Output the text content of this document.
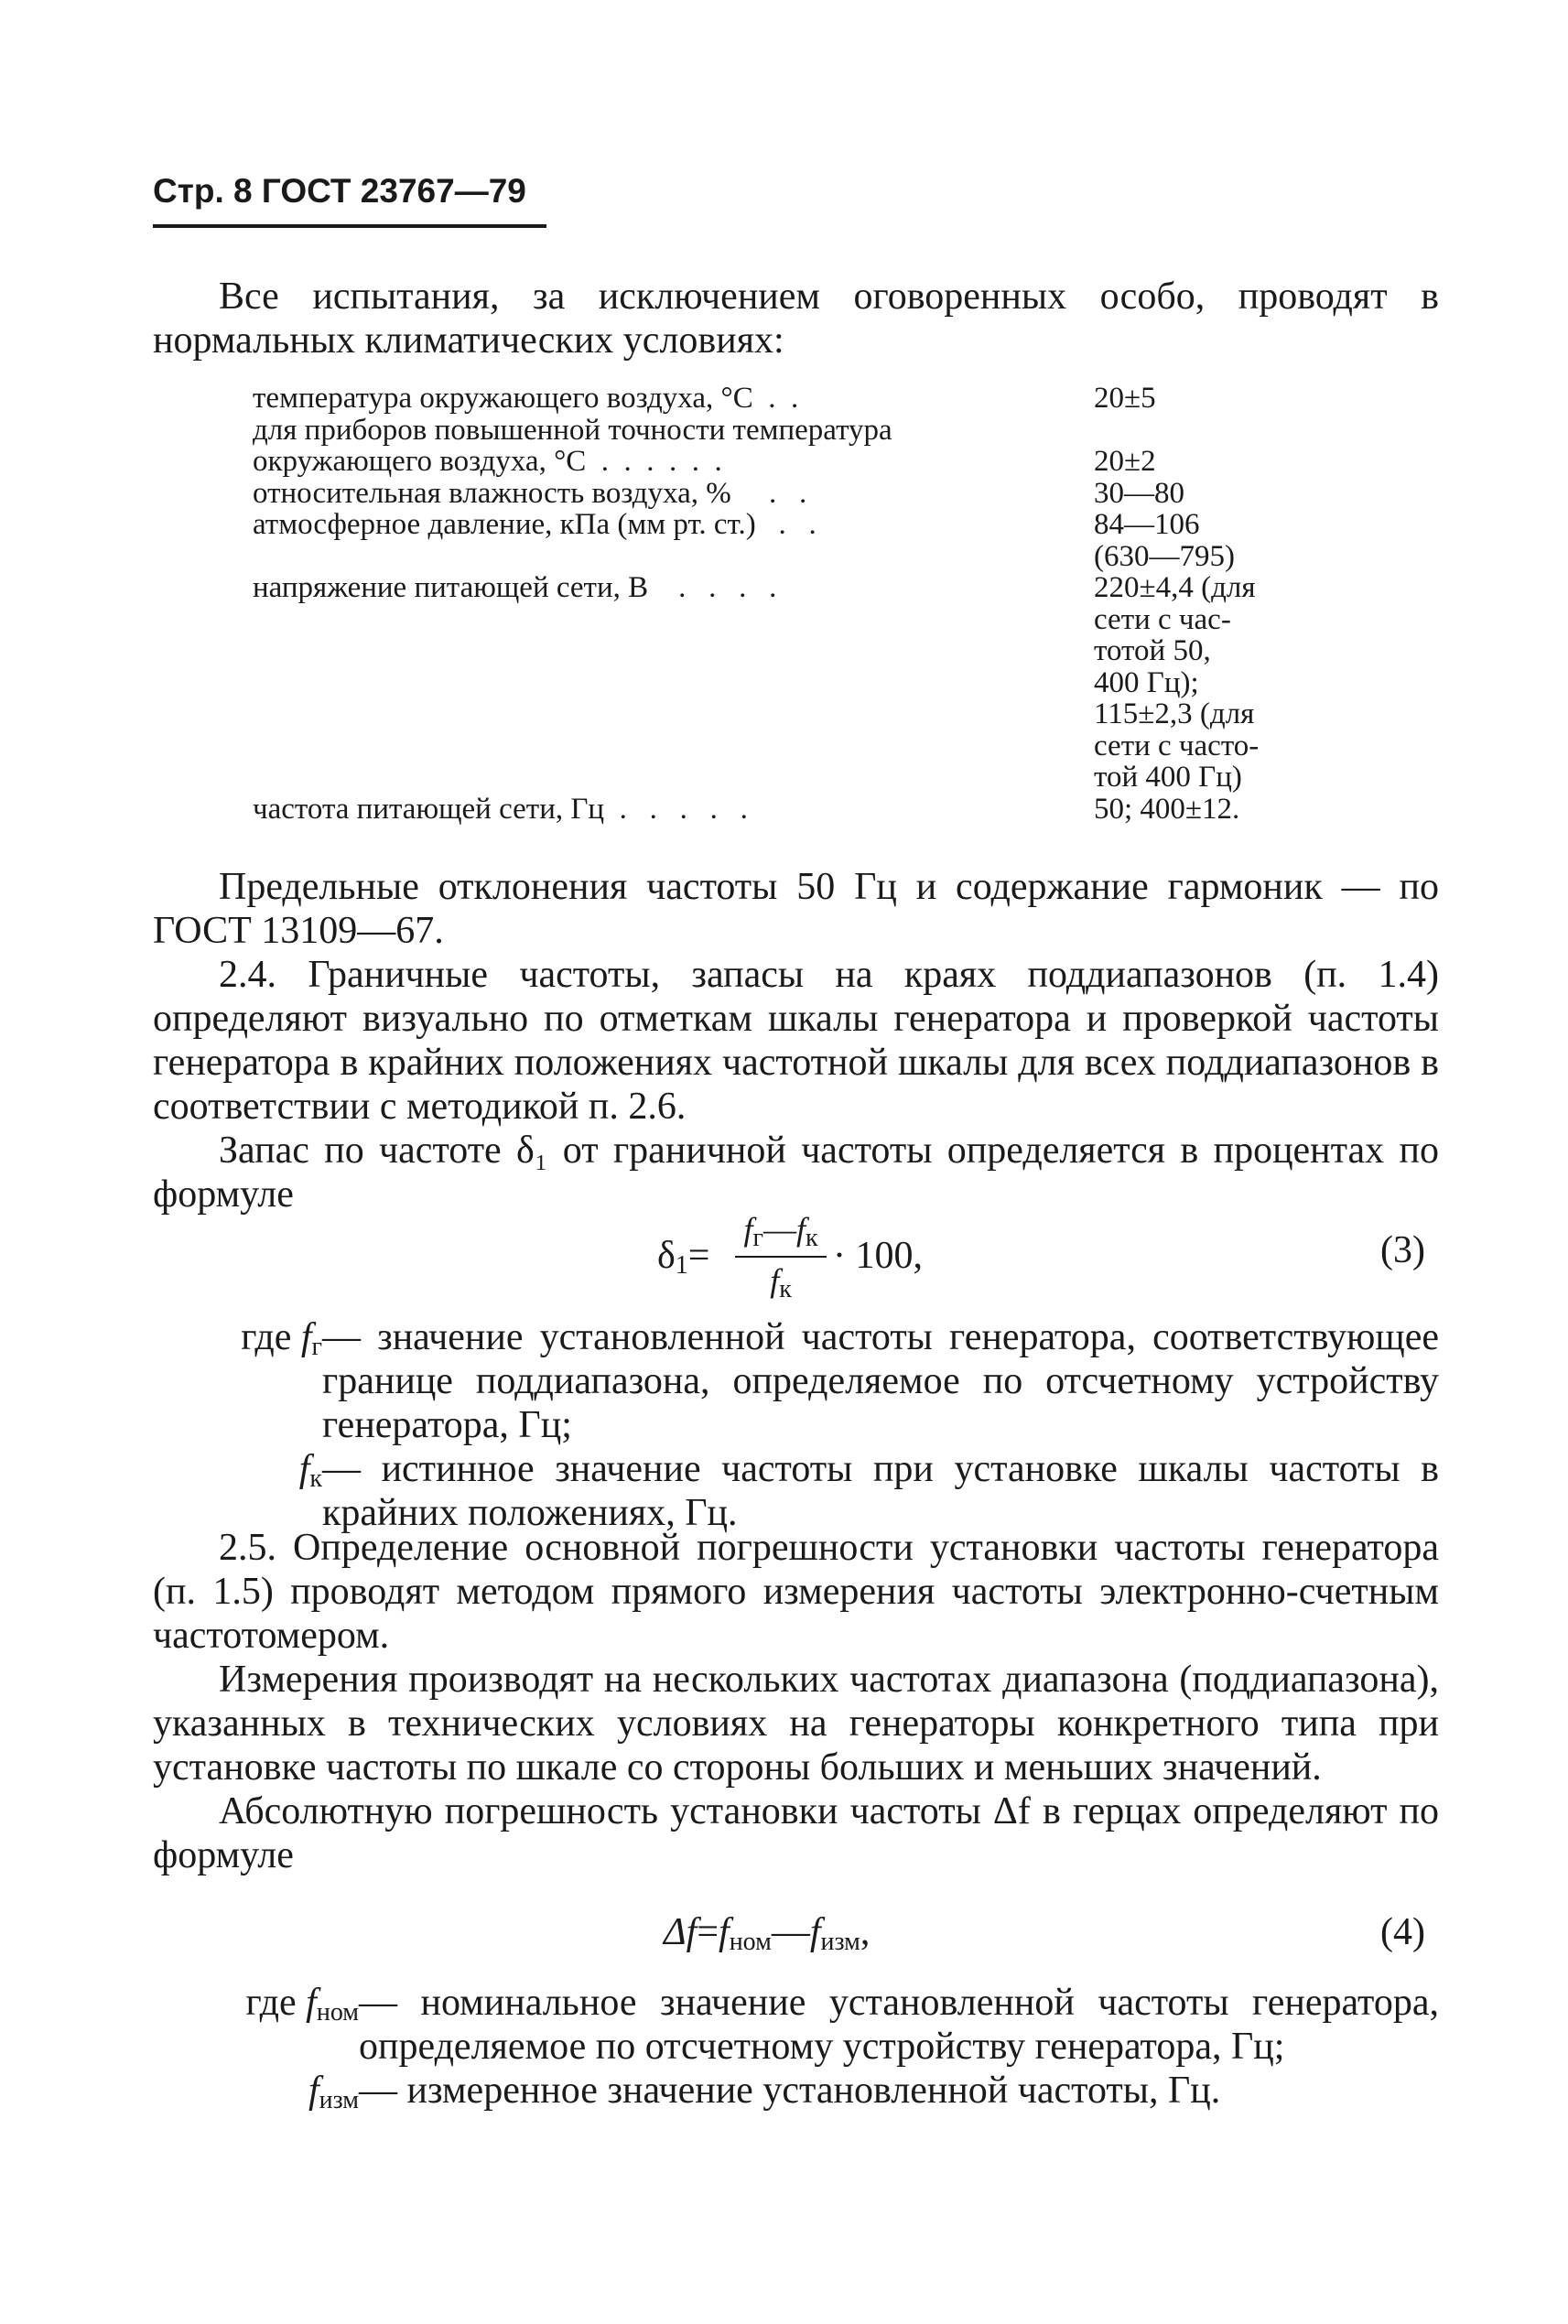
Стр. 8 ГОСТ 23767—79

Все испытания, за исключением оговоренных особо, проводят в нормальных климатических условиях:

температура окружающего воздуха, °С  .  .	20±5
для приборов повышенной точности температура
окружающего воздуха, °С  .  .  .  .  .  .	20±2
относительная влажность воздуха, %     .   .	30—80
атмосферное давление, кПа (мм рт. ст.)   .   .	84—106
(630—795)
напряжение питающей сети, В    .   .   .   .	220±4,4 (для
сети с час-
тотой 50,
400 Гц);
115±2,3 (для
сети с часто-
той 400 Гц)
частота питающей сети, Гц  .   .   .   .   .	50; 400±12.

Предельные отклонения частоты 50 Гц и содержание гармоник — по ГОСТ 13109—67.

2.4. Граничные частоты, запасы на краях поддиапазонов (п. 1.4) определяют визуально по отметкам шкалы генератора и проверкой частоты генератора в крайних положениях частотной шкалы для всех поддиапазонов в соответствии с методикой п. 2.6.

Запас по частоте δ₁ от граничной частоты определяется в процентах по формуле

$\delta_1=$
$f_г—f_к$
$f_к$
· 100,	(3)
где $f_г$ — значение установленной частоты генератора, соответствующее границе поддиапазона, определяемое по отсчетному устройству генератора, Гц;
$f_к$ — истинное значение частоты при установке шкалы частоты в крайних положениях, Гц.

2.5. Определение основной погрешности установки частоты генератора (п. 1.5) проводят методом прямого измерения частоты электронно-счетным частотомером.

Измерения производят на нескольких частотах диапазона (поддиапазона), указанных в технических условиях на генераторы конкретного типа при установке частоты по шкале со стороны больших и меньших значений.

Абсолютную погрешность установки частоты Δf в герцах определяют по формуле

$\Delta f=f_{ном}—f_{изм}$,	(4)
где $f_{ном}$ — номинальное значение установленной частоты генератора, определяемое по отсчетному устройству генератора, Гц;
$f_{изм}$ — измеренное значение установленной частоты, Гц.
